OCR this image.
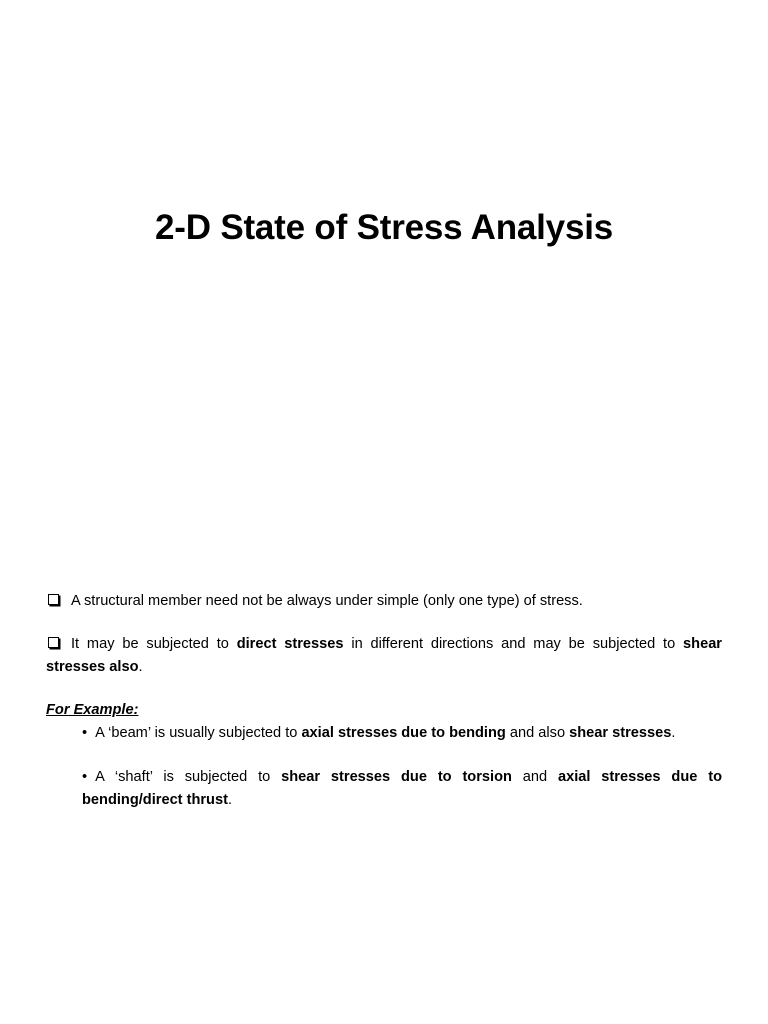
2-D State of Stress Analysis

A structural member need not be always under simple (only one type) of stress.

It may be subjected to direct stresses in different directions and may be subjected to shear stresses also.

For Example:

• A ‘beam’ is usually subjected to axial stresses due to bending and also shear stresses.

• A ‘shaft’ is subjected to shear stresses due to torsion and axial stresses due to bending/direct thrust.
